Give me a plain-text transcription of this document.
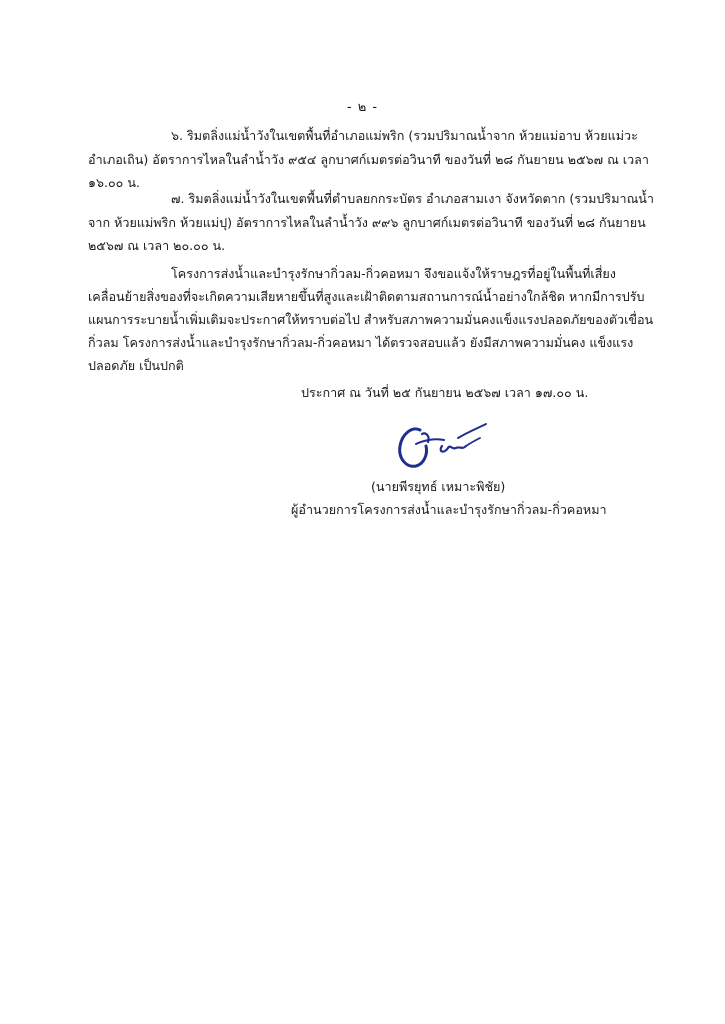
- ๒ -
๖. ริมตลิ่งแม่น้ำวังในเขตพื้นที่อำเภอแม่พริก (รวมปริมาณน้ำจาก ห้วยแม่อาบ ห้วยแม่วะ
อำเภอเถิน) อัตราการไหลในลำน้ำวัง ๙๕๔ ลูกบาศก์เมตรต่อวินาที ของวันที่ ๒๘ กันยายน ๒๕๖๗ ณ เวลา
๑๖.๐๐ น.
๗. ริมตลิ่งแม่น้ำวังในเขตพื้นที่ตำบลยกกระบัตร อำเภอสามเงา จังหวัดตาก (รวมปริมาณน้ำ
จาก ห้วยแม่พริก ห้วยแม่ปุ) อัตราการไหลในลำน้ำวัง ๙๙๖ ลูกบาศก์เมตรต่อวินาที ของวันที่ ๒๘ กันยายน
๒๕๖๗ ณ เวลา ๒๐.๐๐ น.
โครงการส่งน้ำและบำรุงรักษากิ่วลม-กิ่วคอหมา จึงขอแจ้งให้ราษฎรที่อยู่ในพื้นที่เสี่ยง
เคลื่อนย้ายสิ่งของที่จะเกิดความเสียหายขึ้นที่สูงและเฝ้าติดตามสถานการณ์น้ำอย่างใกล้ชิด หากมีการปรับ
แผนการระบายน้ำเพิ่มเติมจะประกาศให้ทราบต่อไป สำหรับสภาพความมั่นคงแข็งแรงปลอดภัยของตัวเขื่อน
กิ่วลม โครงการส่งน้ำและบำรุงรักษากิ่วลม-กิ่วคอหมา ได้ตรวจสอบแล้ว ยังมีสภาพความมั่นคง แข็งแรง
ปลอดภัย เป็นปกติ
ประกาศ ณ วันที่ ๒๕ กันยายน ๒๕๖๗ เวลา ๑๗.๐๐ น.
(นายพีรยุทธ์ เหมาะพิชัย)
ผู้อำนวยการโครงการส่งน้ำและบำรุงรักษากิ่วลม-กิ่วคอหมา
